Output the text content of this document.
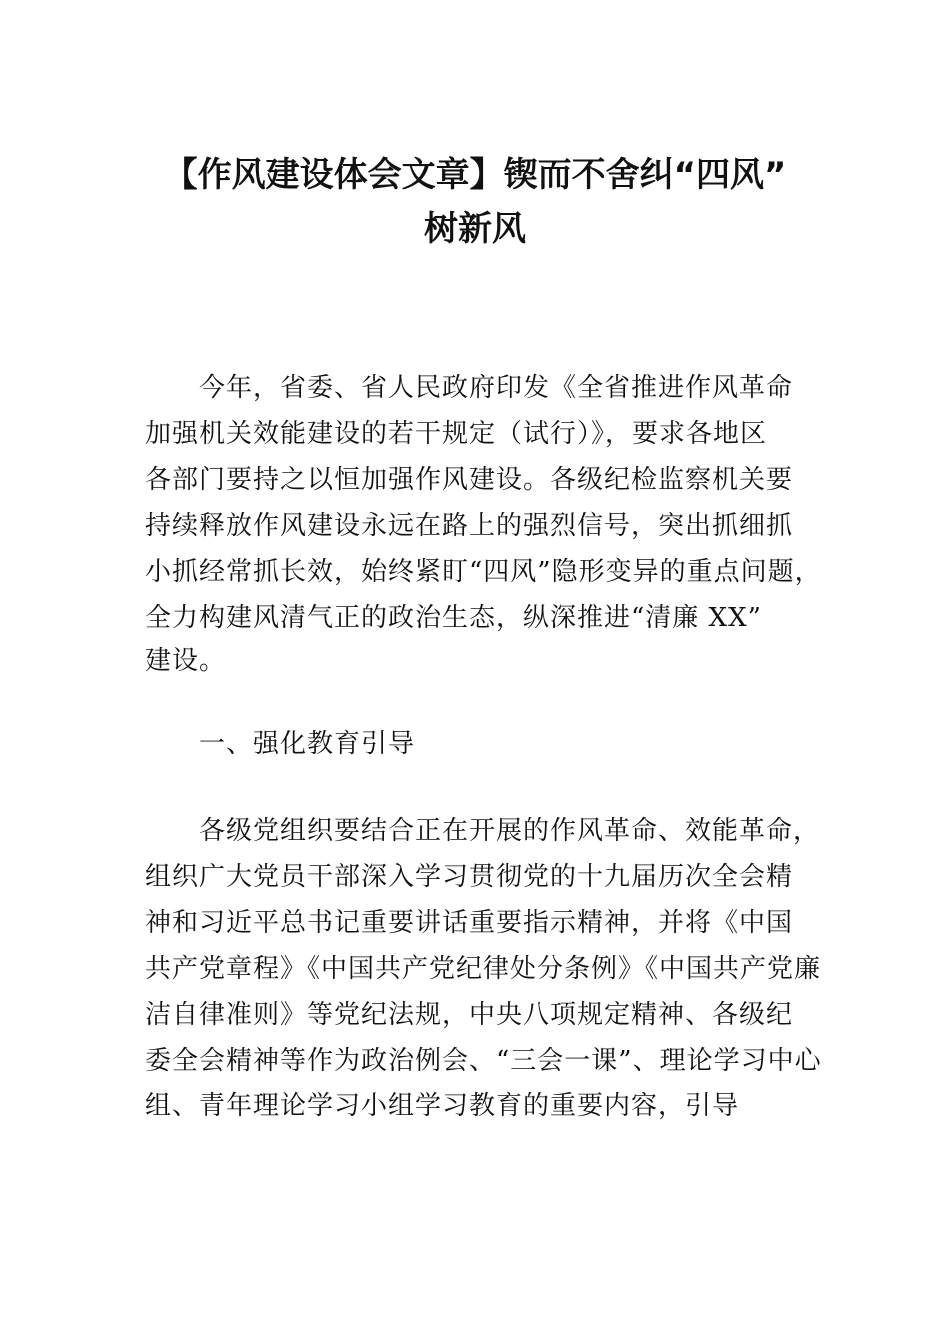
【作风建设体会文章】锲而不舍纠“四风”
树新风
今年，省委、省人民政府印发《全省推进作风革命
加强机关效能建设的若干规定（试行）》，要求各地区
各部门要持之以恒加强作风建设。各级纪检监察机关要
持续释放作风建设永远在路上的强烈信号，突出抓细抓
小抓经常抓长效，始终紧盯“四风”隐形变异的重点问题，
全力构建风清气正的政治生态，纵深推进“清廉 XX”
建设。
一、强化教育引导
各级党组织要结合正在开展的作风革命、效能革命，
组织广大党员干部深入学习贯彻党的十九届历次全会精
神和习近平总书记重要讲话重要指示精神，并将《中国
共产党章程》《中国共产党纪律处分条例》《中国共产党廉
洁自律准则》等党纪法规，中央八项规定精神、各级纪
委全会精神等作为政治例会、“三会一课”、理论学习中心
组、青年理论学习小组学习教育的重要内容，引导
